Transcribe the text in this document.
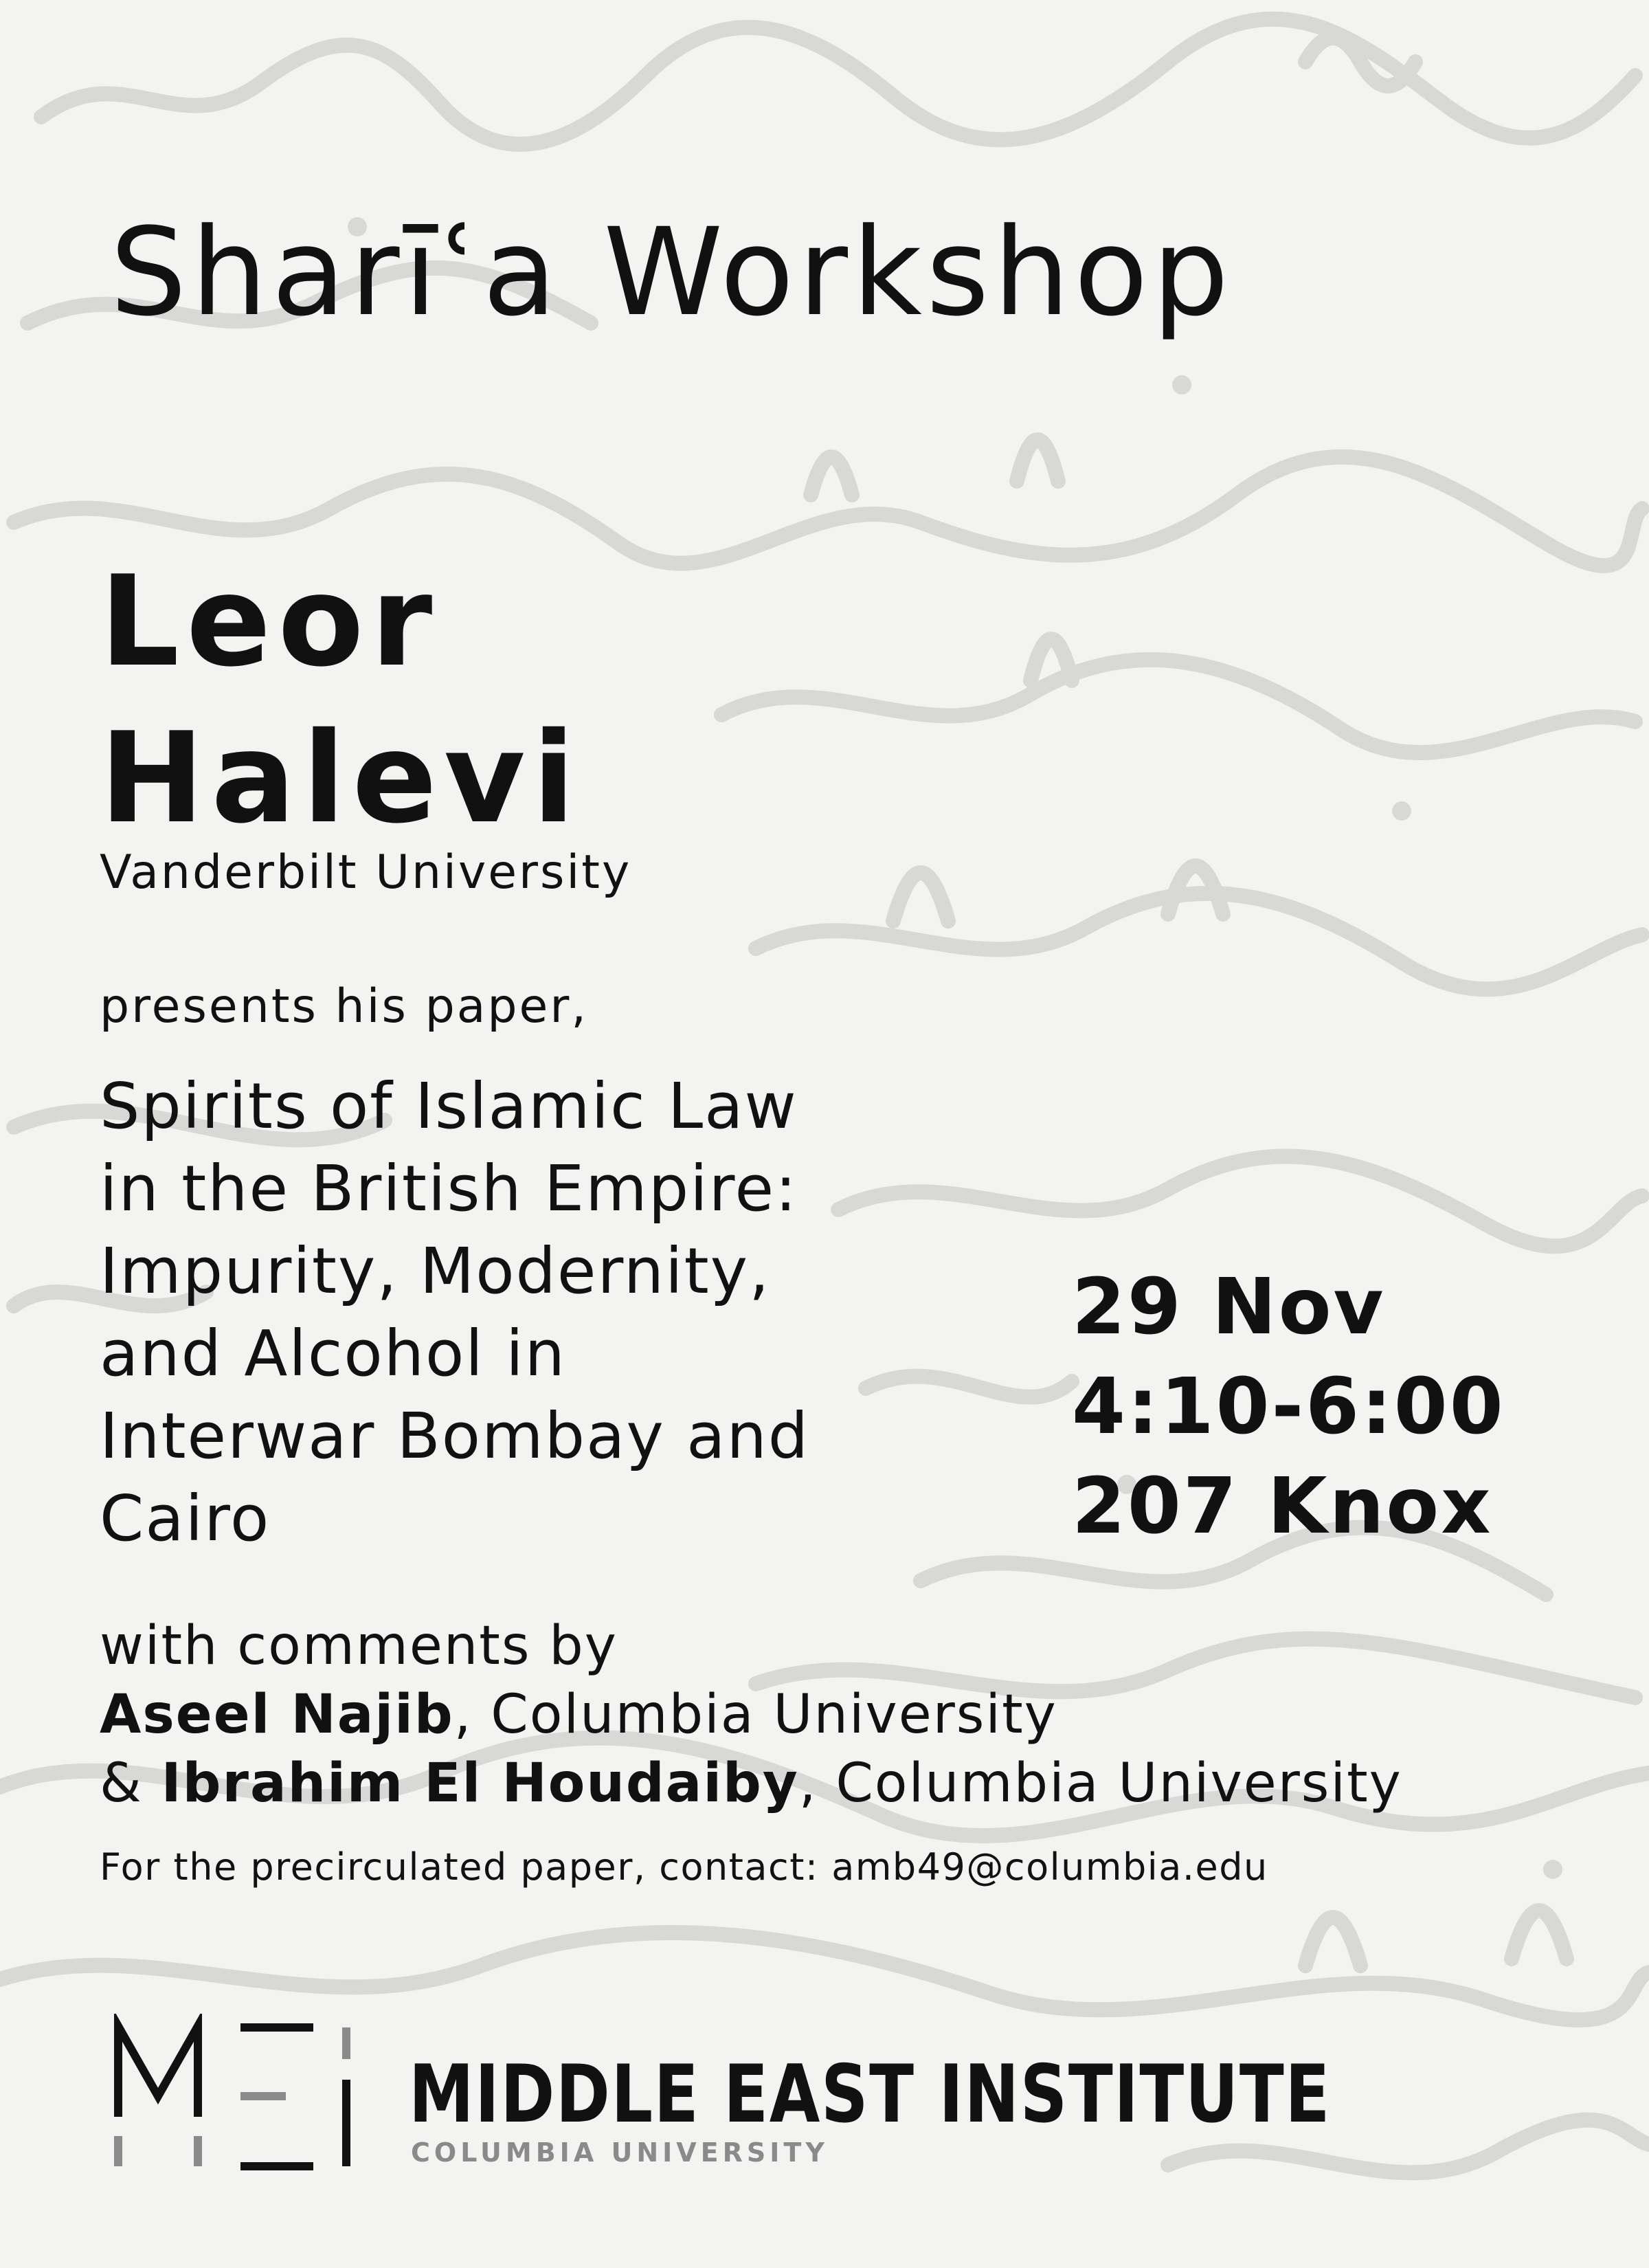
Sharīʿa Workshop
Leor
Halevi
Vanderbilt University
presents his paper,
Spirits of Islamic Law
in the British Empire:
Impurity, Modernity,
and Alcohol in
Interwar Bombay and
Cairo
29 Nov
4:10-6:00
207 Knox
with comments by
Aseel Najib, Columbia University
& Ibrahim El Houdaiby, Columbia University
For the precirculated paper, contact: amb49@columbia.edu
MIDDLE EAST INSTITUTE
COLUMBIA UNIVERSITY
